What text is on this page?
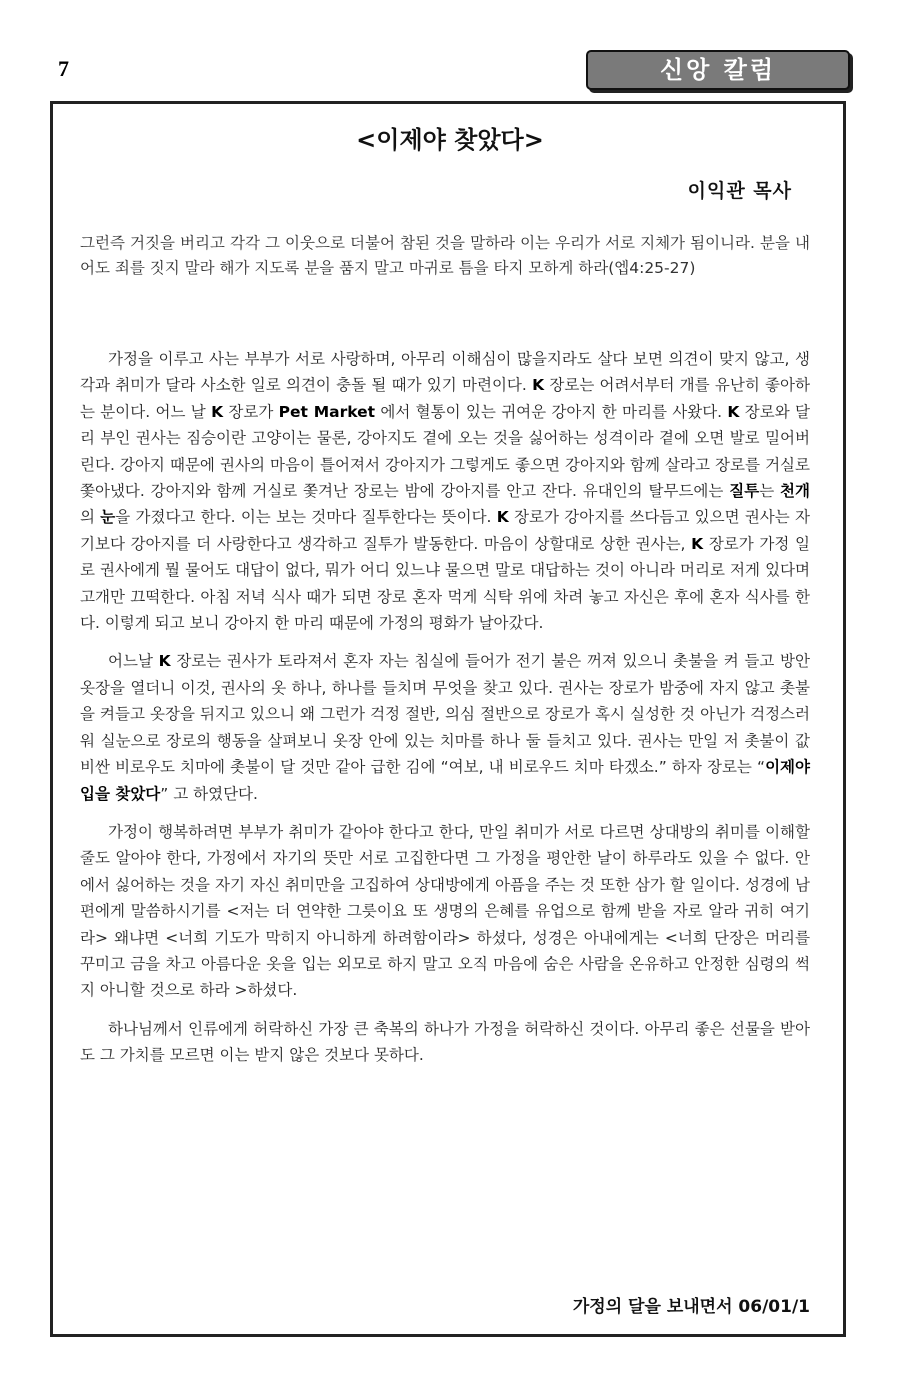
7	신앙 칼럼
<이제야 찾았다>
이익관 목사
그런즉 거짓을 버리고 각각 그 이웃으로 더불어 참된 것을 말하라 이는 우리가 서로 지체가 됨이니라. 분을 내어도 죄를 짓지 말라 해가 지도록 분을 품지 말고 마귀로 틈을 타지 모하게 하라(엡4:25-27)

가정을 이루고 사는 부부가 서로 사랑하며, 아무리 이해심이 많을지라도 살다 보면 의견이 맞지 않고, 생각과 취미가 달라 사소한 일로 의견이 충돌 될 때가 있기 마련이다. K 장로는 어려서부터 개를 유난히 좋아하는 분이다. 어느 날 K 장로가 Pet Market 에서 혈통이 있는 귀여운 강아지 한 마리를 사왔다. K 장로와 달리 부인 권사는 짐승이란 고양이는 물론, 강아지도 곁에 오는 것을 싫어하는 성격이라 곁에 오면 발로 밀어버린다. 강아지 때문에 권사의 마음이 틀어져서 강아지가 그렇게도 좋으면 강아지와 함께 살라고 장로를 거실로 쫓아냈다. 강아지와 함께 거실로 쫓겨난 장로는 밤에 강아지를 안고 잔다. 유대인의 탈무드에는 질투는 천개의 눈을 가졌다고 한다. 이는 보는 것마다 질투한다는 뜻이다. K 장로가 강아지를 쓰다듬고 있으면 권사는 자기보다 강아지를 더 사랑한다고 생각하고 질투가 발동한다. 마음이 상할대로 상한 권사는, K 장로가 가정 일로 권사에게 뭘 물어도 대답이 없다, 뭐가 어디 있느냐 물으면 말로 대답하는 것이 아니라 머리로 저게 있다며 고개만 끄떡한다. 아침 저녁 식사 때가 되면 장로 혼자 먹게 식탁 위에 차려 놓고 자신은 후에 혼자 식사를 한다. 이렇게 되고 보니 강아지 한 마리 때문에 가정의 평화가 날아갔다.

어느날 K 장로는 권사가 토라져서 혼자 자는 침실에 들어가 전기 불은 꺼져 있으니 촛불을 켜 들고 방안 옷장을 열더니 이것, 권사의 옷 하나, 하나를 들치며 무엇을 찾고 있다. 권사는 장로가 밤중에 자지 않고 촛불을 켜들고 옷장을 뒤지고 있으니 왜 그런가 걱정 절반, 의심 절반으로 장로가 혹시 실성한 것 아닌가 걱정스러워 실눈으로 장로의 행동을 살펴보니 옷장 안에 있는 치마를 하나 둘 들치고 있다. 권사는 만일 저 촛불이 값비싼 비로우도 치마에 촛불이 달 것만 같아 급한 김에 “여보, 내 비로우드 치마 타겠소.” 하자 장로는 “이제야 입을 찾았다” 고 하였단다.

가정이 행복하려면 부부가 취미가 같아야 한다고 한다, 만일 취미가 서로 다르면 상대방의 취미를 이해할 줄도 알아야 한다, 가정에서 자기의 뜻만 서로 고집한다면 그 가정을 평안한 날이 하루라도 있을 수 없다. 안에서 싫어하는 것을 자기 자신 취미만을 고집하여 상대방에게 아픔을 주는 것 또한 삼가 할 일이다. 성경에 남편에게 말씀하시기를 <저는 더 연약한 그릇이요 또 생명의 은혜를 유업으로 함께 받을 자로 알라 귀히 여기라> 왜냐면 <너희 기도가 막히지 아니하게 하려함이라> 하셨다, 성경은 아내에게는 <너희 단장은 머리를 꾸미고 금을 차고 아름다운 옷을 입는 외모로 하지 말고 오직 마음에 숨은 사람을 온유하고 안정한 심령의 썩지 아니할 것으로 하라 >하셨다.

하나님께서 인류에게 허락하신 가장 큰 축복의 하나가 가정을 허락하신 것이다. 아무리 좋은 선물을 받아도 그 가치를 모르면 이는 받지 않은 것보다 못하다.

가정의 달을 보내면서 06/01/1
